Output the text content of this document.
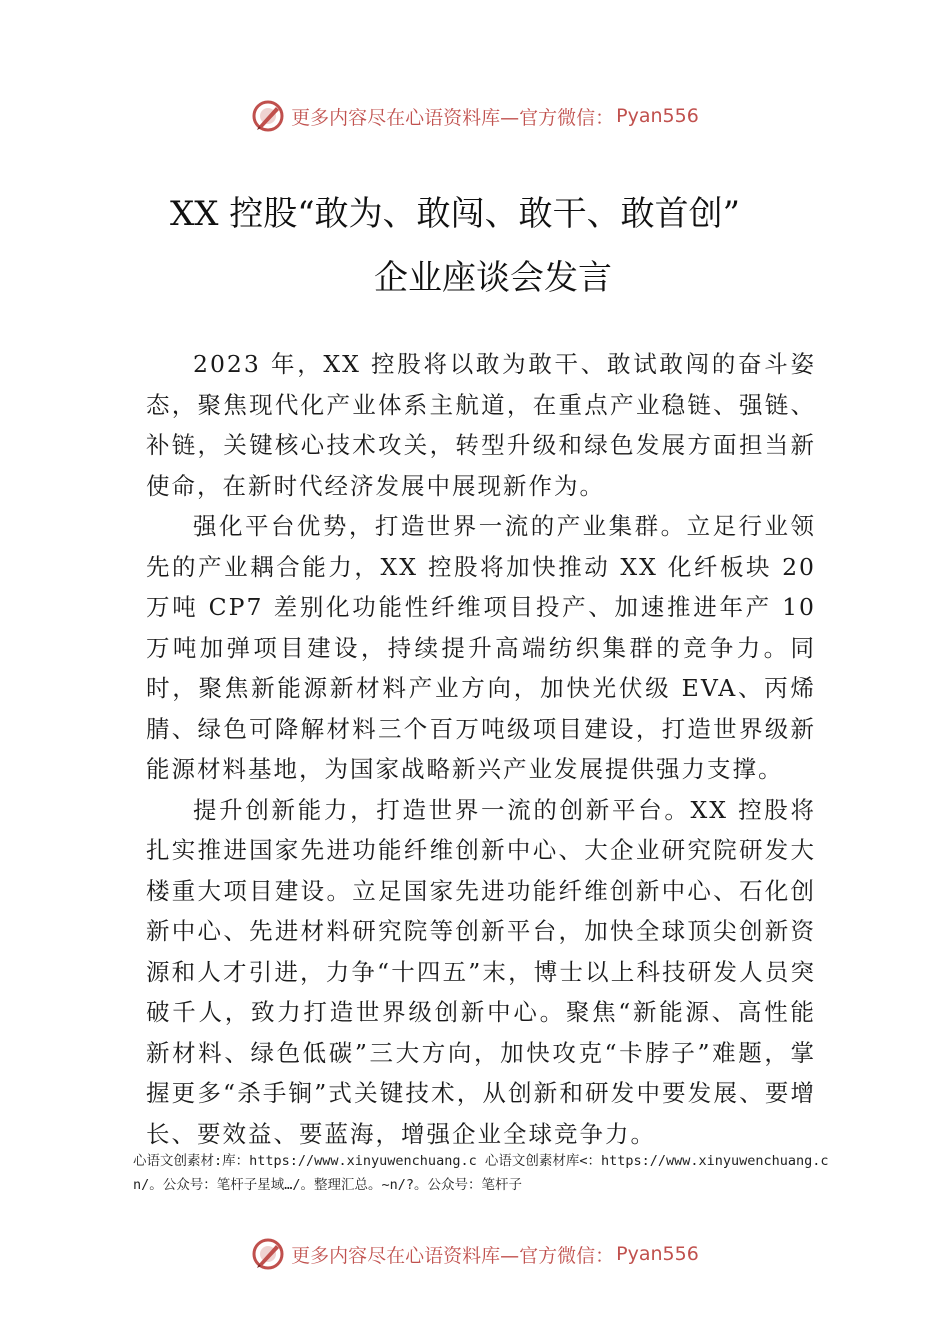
更多内容尽在心语资料库—官方微信： Pyan556
XX 控股“敢为、敢闯、敢干、敢首创”
企业座谈会发言

2023 年，XX 控股将以敢为敢干、敢试敢闯的奋斗姿态，聚焦现代化产业体系主航道，在重点产业稳链、强链、补链，关键核心技术攻关，转型升级和绿色发展方面担当新使命，在新时代经济发展中展现新作为。

强化平台优势，打造世界一流的产业集群。立足行业领先的产业耦合能力，XX 控股将加快推动 XX 化纤板块 20 万吨 CP7 差别化功能性纤维项目投产、加速推进年产 10 万吨加弹项目建设，持续提升高端纺织集群的竞争力。同时，聚焦新能源新材料产业方向，加快光伏级 EVA、丙烯腈、绿色可降解材料三个百万吨级项目建设，打造世界级新能源材料基地，为国家战略新兴产业发展提供强力支撑。

提升创新能力，打造世界一流的创新平台。XX 控股将扎实推进国家先进功能纤维创新中心、大企业研究院研发大楼重大项目建设。立足国家先进功能纤维创新中心、石化创新中心、先进材料研究院等创新平台，加快全球顶尖创新资源和人才引进，力争“十四五”末，博士以上科技研发人员突破千人，致力打造世界级创新中心。聚焦“新能源、高性能新材料、绿色低碳”三大方向，加快攻克“卡脖子”难题，掌握更多“杀手锏”式关键技术，从创新和研发中要发展、要增长、要效益、要蓝海，增强企业全球竞争力。

心语文创素材:库：https://www.xinyuwenchuang.c 心语文创素材库<：https://www.xinyuwenchuang.cn/。公众号：笔杆子星域…/。整理汇总。~n/?。公众号：笔杆子
更多内容尽在心语资料库—官方微信： Pyan556
